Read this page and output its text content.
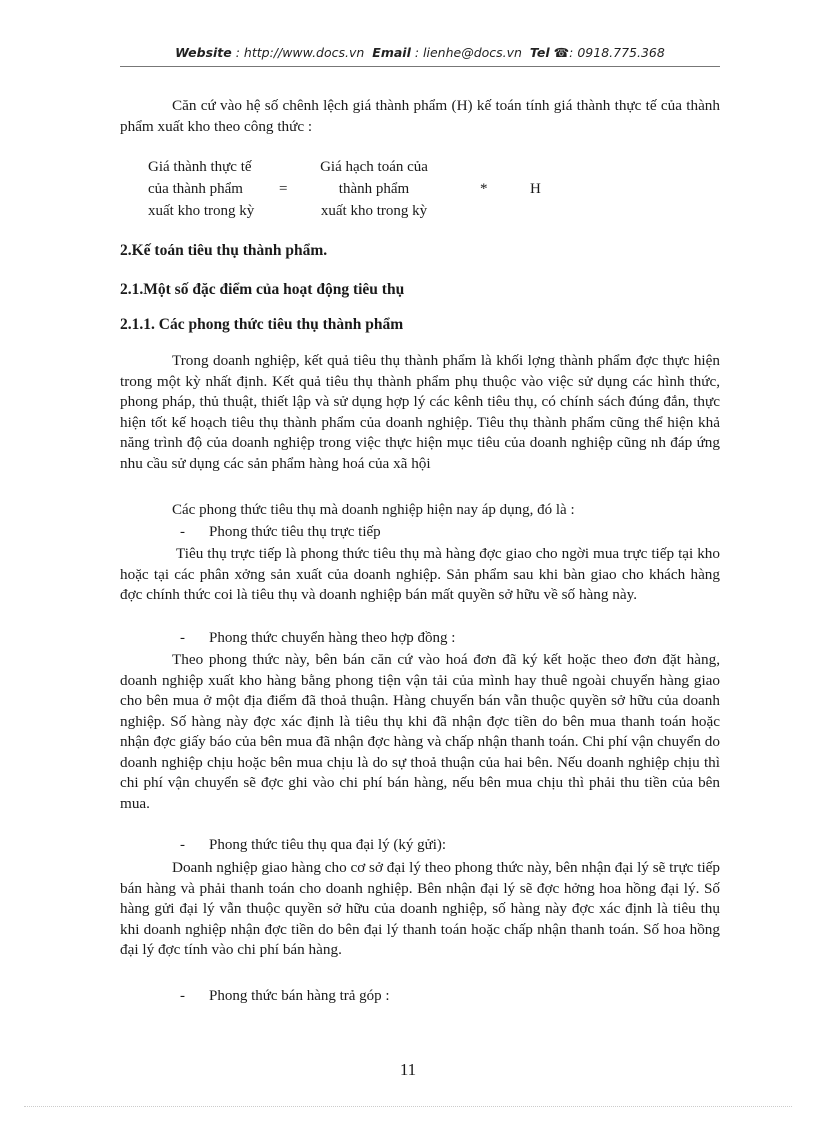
Website : http://www.docs.vn Email : lienhe@docs.vn Tel ☎: 0918.775.368

Căn cứ vào hệ số chênh lệch giá thành phẩm (H) kế toán tính giá thành thực tế của thành phẩm xuất kho theo công thức :

Giá thành thực tế
của thành phẩm
xuất kho trong kỳ
=
Giá hạch toán của
thành phẩm
xuất kho trong kỳ
*	H
2.Kế toán tiêu thụ thành phẩm.
2.1.Một số đặc điểm của hoạt động tiêu thụ
2.1.1. Các phong thức tiêu thụ thành phẩm

Trong doanh nghiệp, kết quả tiêu thụ thành phẩm là khối lợng thành phẩm đợc thực hiện trong một kỳ nhất định. Kết quả tiêu thụ thành phẩm phụ thuộc vào việc sử dụng các hình thức, phong pháp, thủ thuật, thiết lập và sử dụng hợp lý các kênh tiêu thụ, có chính sách đúng đắn, thực hiện tốt kế hoạch tiêu thụ thành phẩm của doanh nghiệp. Tiêu thụ thành phẩm cũng thể hiện khả năng trình độ của doanh nghiệp trong việc thực hiện mục tiêu của doanh nghiệp cũng nh đáp ứng nhu cầu sử dụng các sản phẩm hàng hoá của xã hội

Các phong thức tiêu thụ mà doanh nghiệp hiện nay áp dụng, đó là :
- Phong thức tiêu thụ trực tiếp

Tiêu thụ trực tiếp là phong thức tiêu thụ mà hàng đợc giao cho ngời mua trực tiếp tại kho hoặc tại các phân xởng sản xuất của doanh nghiệp. Sản phẩm sau khi bàn giao cho khách hàng đợc chính thức coi là tiêu thụ và doanh nghiệp bán mất quyền sở hữu về số hàng này.

- Phong thức chuyển hàng theo hợp đồng :

Theo phong thức này, bên bán căn cứ vào hoá đơn đã ký kết hoặc theo đơn đặt hàng, doanh nghiệp xuất kho hàng bằng phong tiện vận tải của mình hay thuê ngoài chuyển hàng giao cho bên mua ở một địa điểm đã thoả thuận. Hàng chuyển bán vẫn thuộc quyền sở hữu của doanh nghiệp. Số hàng này đợc xác định là tiêu thụ khi đã nhận đợc tiền do bên mua thanh toán hoặc nhận đợc giấy báo của bên mua đã nhận đợc hàng và chấp nhận thanh toán. Chi phí vận chuyển do doanh nghiệp chịu hoặc bên mua chịu là do sự thoả thuận của hai bên. Nếu doanh nghiệp chịu thì chi phí vận chuyển sẽ đợc ghi vào chi phí bán hàng, nếu bên mua chịu thì phải thu tiền của bên mua.

- Phong thức tiêu thụ qua đại lý (ký gửi):

Doanh nghiệp giao hàng cho cơ sở đại lý theo phong thức này, bên nhận đại lý sẽ trực tiếp bán hàng và phải thanh toán cho doanh nghiệp. Bên nhận đại lý sẽ đợc hởng hoa hồng đại lý. Số hàng gửi đại lý vẫn thuộc quyền sở hữu của doanh nghiệp, số hàng này đợc xác định là tiêu thụ khi doanh nghiệp nhận đợc tiền do bên đại lý thanh toán hoặc chấp nhận thanh toán. Số hoa hồng đại lý đợc tính vào chi phí bán hàng.

- Phong thức bán hàng trả góp :
11
